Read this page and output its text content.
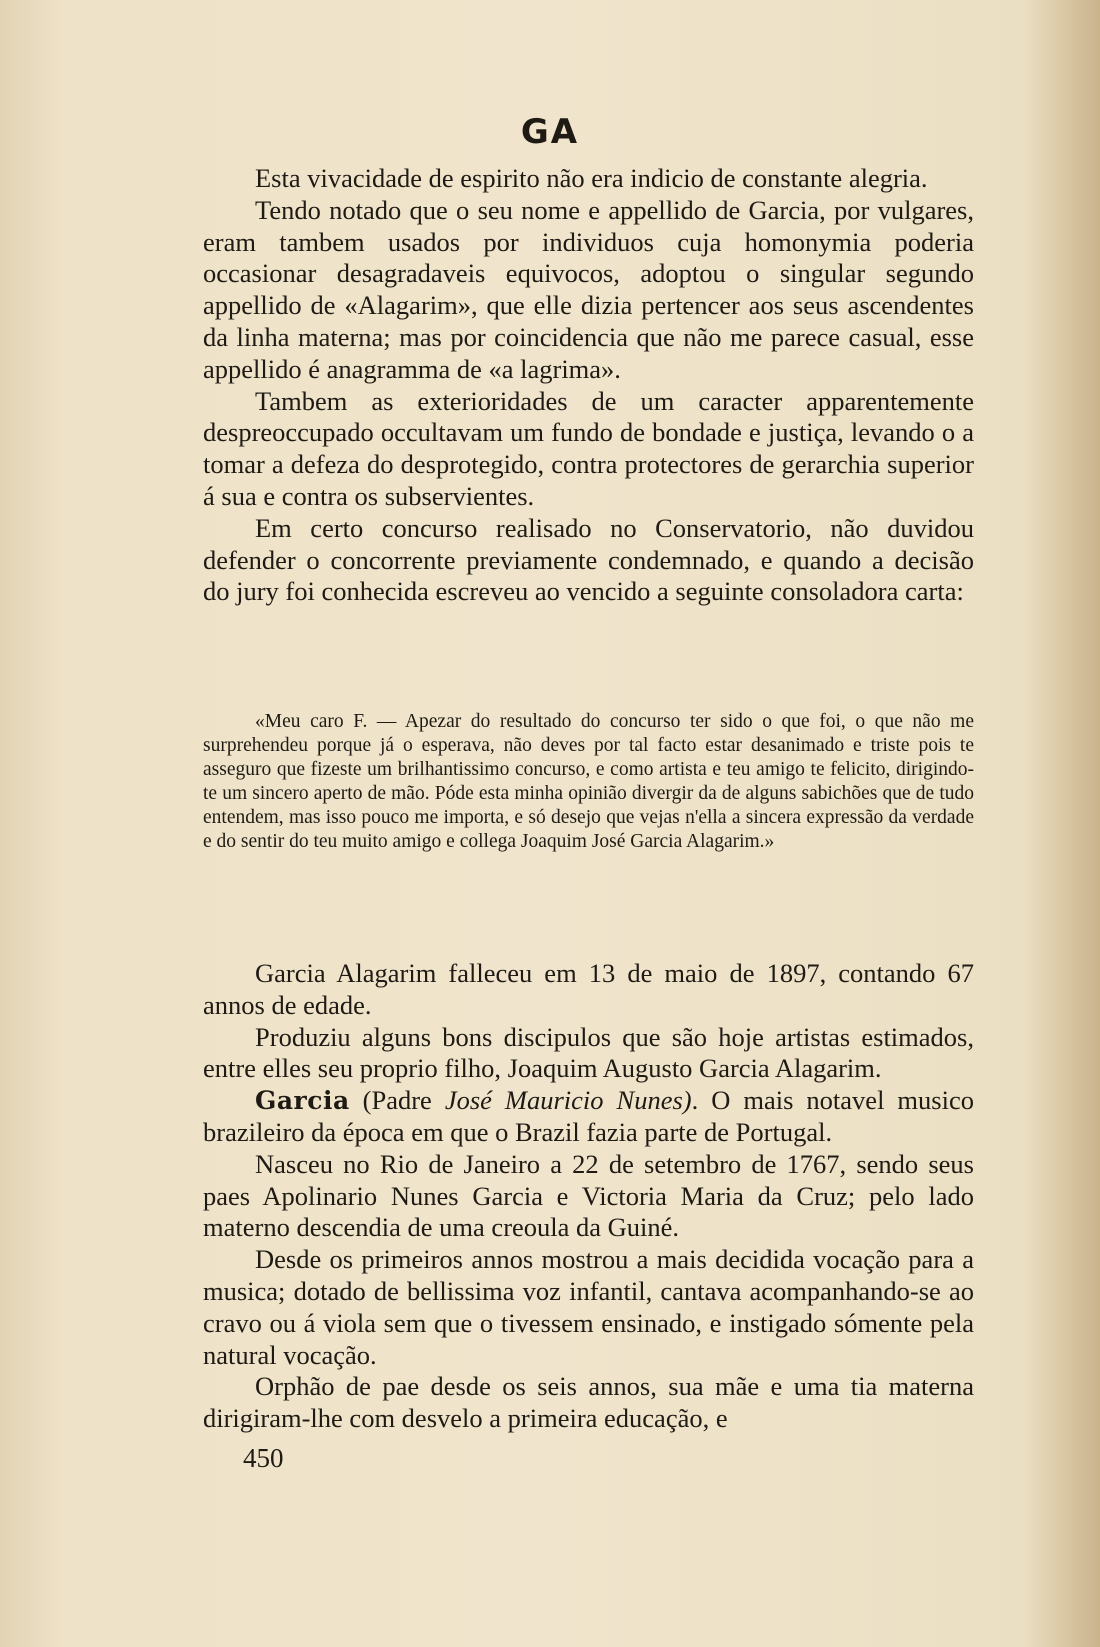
GA

Esta vivacidade de espirito não era indicio de constante alegria.

Tendo notado que o seu nome e appellido de Garcia, por vulgares, eram tambem usados por individuos cuja homonymia poderia occasionar desagradaveis equivocos, adoptou o singular segundo appellido de «Alagarim», que elle dizia pertencer aos seus ascendentes da linha materna; mas por coincidencia que não me parece casual, esse appellido é anagramma de «a lagrima».

Tambem as exterioridades de um caracter apparentemente despreoccupado occultavam um fundo de bondade e justiça, levando o a tomar a defeza do desprotegido, contra protectores de gerarchia superior á sua e contra os subservientes.

Em certo concurso realisado no Conservatorio, não duvidou defender o concorrente previamente condemnado, e quando a decisão do jury foi conhecida escreveu ao vencido a seguinte consoladora carta:

«Meu caro F. — Apezar do resultado do concurso ter sido o que foi, o que não me surprehendeu porque já o esperava, não deves por tal facto estar desanimado e triste pois te asseguro que fizeste um brilhantissimo concurso, e como artista e teu amigo te felicito, dirigindo-te um sincero aperto de mão. Póde esta minha opinião divergir da de alguns sabichões que de tudo entendem, mas isso pouco me importa, e só desejo que vejas n'ella a sincera expressão da verdade e do sentir do teu muito amigo e collega Joaquim José Garcia Alagarim.»

Garcia Alagarim falleceu em 13 de maio de 1897, contando 67 annos de edade.

Produziu alguns bons discipulos que são hoje artistas estimados, entre elles seu proprio filho, Joaquim Augusto Garcia Alagarim.

Garcia (Padre José Mauricio Nunes). O mais notavel musico brazileiro da época em que o Brazil fazia parte de Portugal.

Nasceu no Rio de Janeiro a 22 de setembro de 1767, sendo seus paes Apolinario Nunes Garcia e Victoria Maria da Cruz; pelo lado materno descendia de uma creoula da Guiné.

Desde os primeiros annos mostrou a mais decidida vocação para a musica; dotado de bellissima voz infantil, cantava acompanhando-se ao cravo ou á viola sem que o tivessem ensinado, e instigado sómente pela natural vocação.

Orphão de pae desde os seis annos, sua mãe e uma tia materna dirigiram-lhe com desvelo a primeira educação, e

450
